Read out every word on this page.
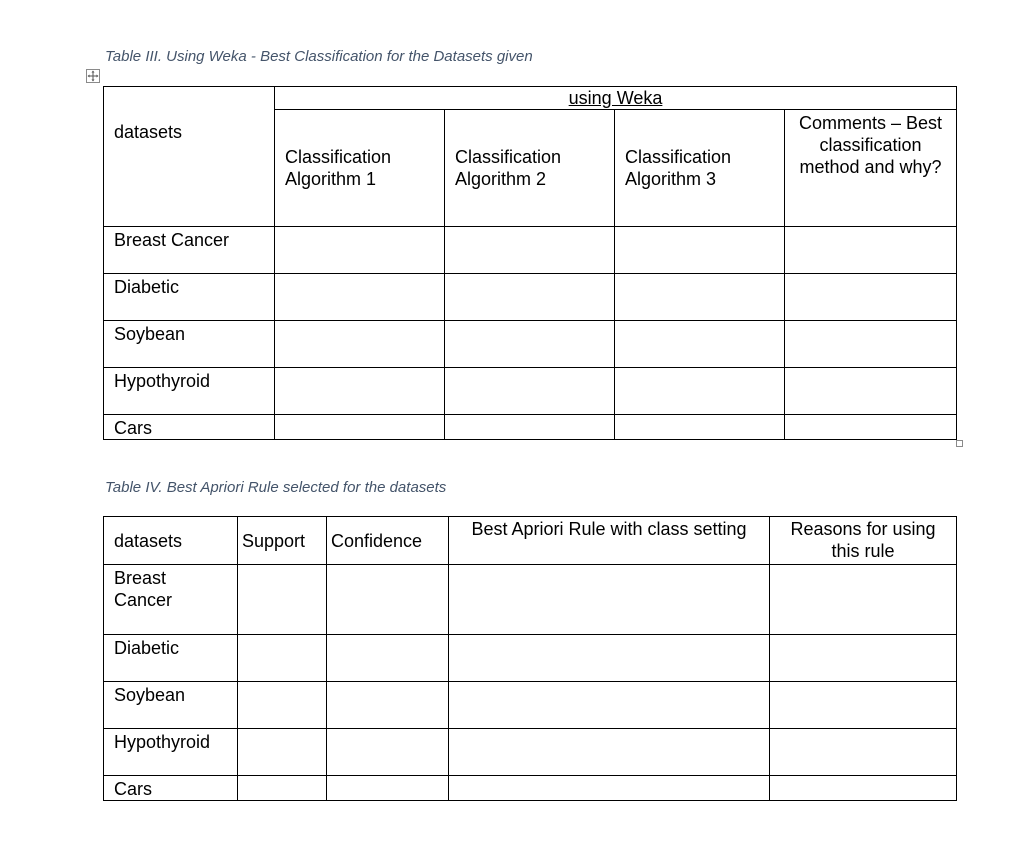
Table III. Using Weka - Best Classification for the Datasets given
datasets	using Weka			
	Classification Algorithm 1	Classification Algorithm 2	Classification Algorithm 3	Comments – Best classification method and why?
Breast Cancer				
Diabetic				
Soybean				
Hypothyroid				
Cars				
Table IV. Best Apriori Rule selected for the datasets
datasets	Support	Confidence	Best Apriori Rule with class setting	Reasons for using this rule
Breast Cancer				
Diabetic				
Soybean				
Hypothyroid				
Cars				
